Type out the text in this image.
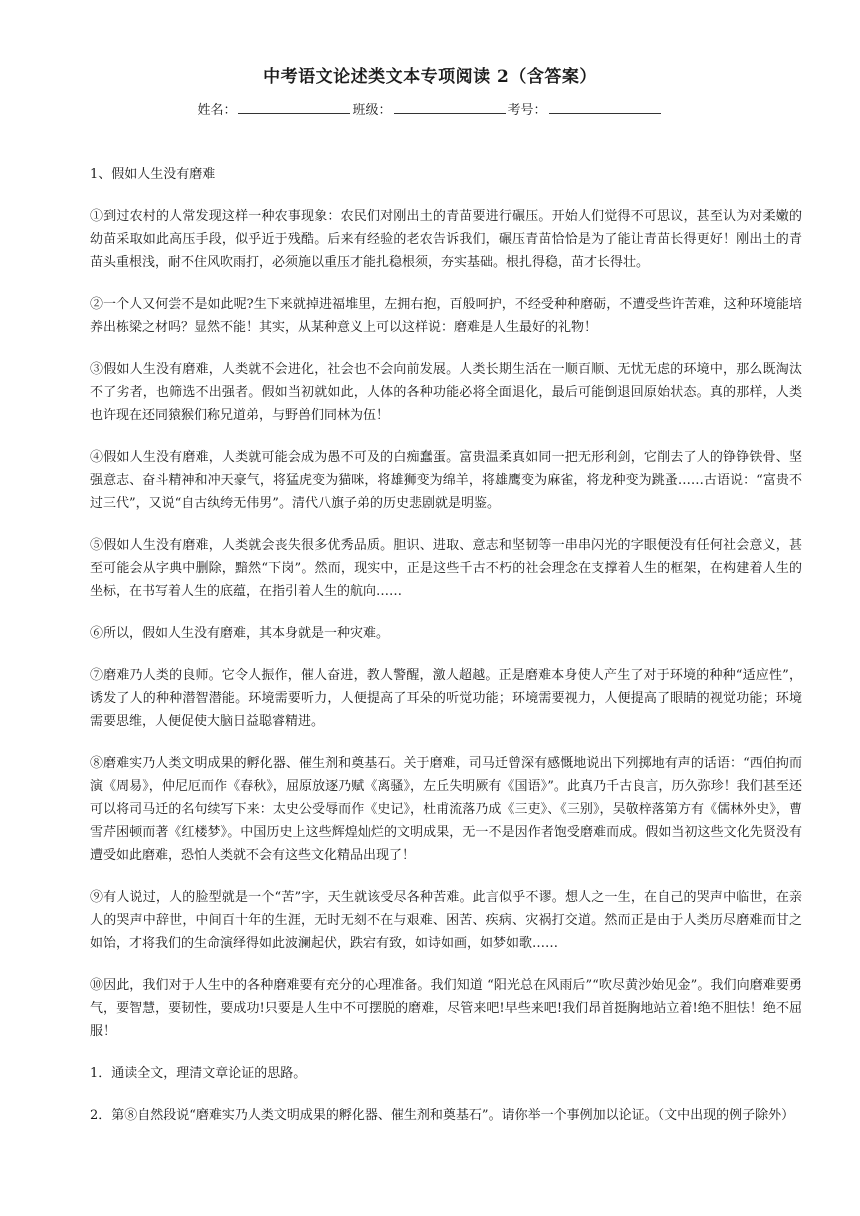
中考语文论述类文本专项阅读 2（含答案）
姓名：	班级：	考号：

1、假如人生没有磨难

①到过农村的人常发现这样一种农事现象：农民们对刚出土的青苗要进行碾压。开始人们觉得不可思议，甚至认为对柔嫩的幼苗采取如此高压手段，似乎近于残酷。后来有经验的老农告诉我们，碾压青苗恰恰是为了能让青苗长得更好！刚出土的青苗头重根浅，耐不住风吹雨打，必须施以重压才能扎稳根须，夯实基础。根扎得稳，苗才长得壮。

②一个人又何尝不是如此呢?生下来就掉进福堆里，左拥右抱，百般呵护，不经受种种磨砺，不遭受些许苦难，这种环境能培养出栋梁之材吗？显然不能！其实，从某种意义上可以这样说：磨难是人生最好的礼物！

③假如人生没有磨难，人类就不会进化，社会也不会向前发展。人类长期生活在一顺百顺、无忧无虑的环境中，那么既淘汰不了劣者，也筛选不出强者。假如当初就如此，人体的各种功能必将全面退化，最后可能倒退回原始状态。真的那样，人类也许现在还同猿猴们称兄道弟，与野兽们同林为伍！

④假如人生没有磨难，人类就可能会成为愚不可及的白痴蠢蛋。富贵温柔真如同一把无形利剑，它削去了人的铮铮铁骨、坚强意志、奋斗精神和冲天豪气，将猛虎变为猫咪，将雄狮变为绵羊，将雄鹰变为麻雀，将龙种变为跳蚤……古语说：“富贵不过三代”，又说“自古纨绔无伟男”。清代八旗子弟的历史悲剧就是明鉴。

⑤假如人生没有磨难，人类就会丧失很多优秀品质。胆识、进取、意志和坚韧等一串串闪光的字眼便没有任何社会意义，甚至可能会从字典中删除，黯然“下岗”。然而，现实中，正是这些千古不朽的社会理念在支撑着人生的框架，在构建着人生的坐标，在书写着人生的底蕴，在指引着人生的航向……

⑥所以，假如人生没有磨难，其本身就是一种灾难。

⑦磨难乃人类的良师。它令人振作，催人奋进，教人警醒，激人超越。正是磨难本身使人产生了对于环境的种种“适应性”，诱发了人的种种潜智潜能。环境需要听力，人便提高了耳朵的听觉功能；环境需要视力，人便提高了眼睛的视觉功能；环境需要思维，人便促使大脑日益聪睿精进。

⑧磨难实乃人类文明成果的孵化器、催生剂和奠基石。关于磨难，司马迁曾深有感慨地说出下列掷地有声的话语：“西伯拘而演《周易》，仲尼厄而作《春秋》，屈原放逐乃赋《离骚》，左丘失明厥有《国语》”。此真乃千古良言，历久弥珍！我们甚至还可以将司马迁的名句续写下来：太史公受辱而作《史记》，杜甫流落乃成《三吏》、《三别》，吴敬梓落第方有《儒林外史》，曹雪芹困顿而著《红楼梦》。中国历史上这些辉煌灿烂的文明成果，无一不是因作者饱受磨难而成。假如当初这些文化先贤没有遭受如此磨难，恐怕人类就不会有这些文化精品出现了！

⑨有人说过，人的脸型就是一个“苦”字，天生就该受尽各种苦难。此言似乎不谬。想人之一生，在自己的哭声中临世，在亲人的哭声中辞世，中间百十年的生涯，无时无刻不在与艰难、困苦、疾病、灾祸打交道。然而正是由于人类历尽磨难而甘之如饴，才将我们的生命演绎得如此波澜起伏，跌宕有致，如诗如画，如梦如歌……

⑩因此，我们对于人生中的各种磨难要有充分的心理准备。我们知道 “阳光总在风雨后”“吹尽黄沙始见金”。我们向磨难要勇气，要智慧，要韧性，要成功!只要是人生中不可摆脱的磨难，尽管来吧!早些来吧!我们昂首挺胸地站立着!绝不胆怯！绝不屈服！

1．通读全文，理清文章论证的思路。

2．第⑧自然段说“磨难实乃人类文明成果的孵化器、催生剂和奠基石”。请你举一个事例加以论证。（文中出现的例子除外）
